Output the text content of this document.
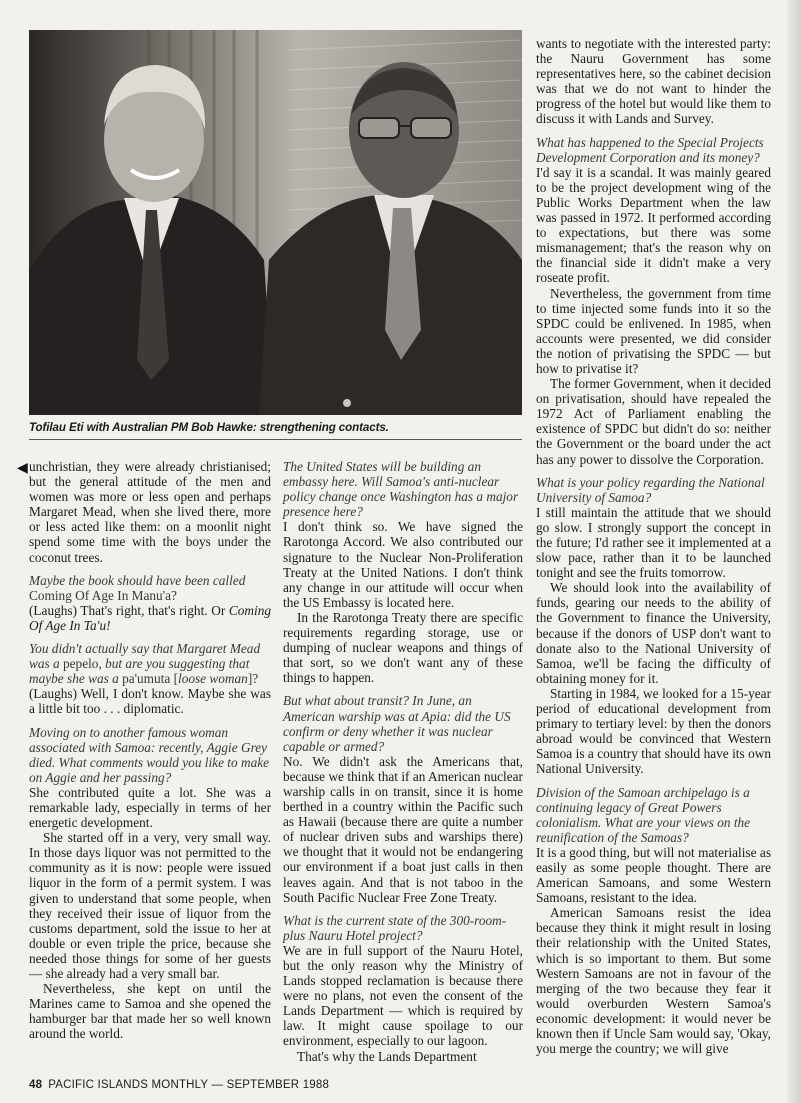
Tofilau Eti with Australian PM Bob Hawke: strengthening contacts.
◀ unchristian, they were already christianised; but the general attitude of the men and women was more or less open and perhaps Margaret Mead, when she lived there, more or less acted like them: on a moonlit night spend some time with the boys under the coconut trees.

Maybe the book should have been called
Coming Of Age In Manu'a?

(Laughs) That's right, that's right. Or Coming Of Age In Ta'u!

You didn't actually say that Margaret Mead was a pepelo, but are you suggesting that maybe she was a pa'umuta [loose woman]?

(Laughs) Well, I don't know. Maybe she was a little bit too . . . diplomatic.

Moving on to another famous woman associated with Samoa: recently, Aggie Grey died. What comments would you like to make on Aggie and her passing?

She contributed quite a lot. She was a remarkable lady, especially in terms of her energetic development.

She started off in a very, very small way. In those days liquor was not permitted to the community as it is now: people were issued liquor in the form of a permit system. I was given to understand that some people, when they received their issue of liquor from the customs department, sold the issue to her at double or even triple the price, because she needed those things for some of her guests — she already had a very small bar.

Nevertheless, she kept on until the Marines came to Samoa and she opened the hamburger bar that made her so well known around the world.

The United States will be building an embassy here. Will Samoa's anti-nuclear policy change once Washington has a major presence here?

I don't think so. We have signed the Rarotonga Accord. We also contributed our signature to the Nuclear Non-Proliferation Treaty at the United Nations. I don't think any change in our attitude will occur when the US Embassy is located here.

In the Rarotonga Treaty there are specific requirements regarding storage, use or dumping of nuclear weapons and things of that sort, so we don't want any of these things to happen.

But what about transit? In June, an American warship was at Apia: did the US confirm or deny whether it was nuclear capable or armed?

No. We didn't ask the Americans that, because we think that if an American nuclear warship calls in on transit, since it is home berthed in a country within the Pacific such as Hawaii (because there are quite a number of nuclear driven subs and warships there) we thought that it would not be endangering our environment if a boat just calls in then leaves again. And that is not taboo in the South Pacific Nuclear Free Zone Treaty.

What is the current state of the 300-room-plus Nauru Hotel project?

We are in full support of the Nauru Hotel, but the only reason why the Ministry of Lands stopped reclamation is because there were no plans, not even the consent of the Lands Department — which is required by law. It might cause spoilage to our environment, especially to our lagoon.

That's why the Lands Department

wants to negotiate with the interested party: the Nauru Government has some representatives here, so the cabinet decision was that we do not want to hinder the progress of the hotel but would like them to discuss it with Lands and Survey.

What has happened to the Special Projects Development Corporation and its money?

I'd say it is a scandal. It was mainly geared to be the project development wing of the Public Works Department when the law was passed in 1972. It performed according to expectations, but there was some mismanagement; that's the reason why on the financial side it didn't make a very roseate profit.

Nevertheless, the government from time to time injected some funds into it so the SPDC could be enlivened. In 1985, when accounts were presented, we did consider the notion of privatising the SPDC — but how to privatise it?

The former Government, when it decided on privatisation, should have repealed the 1972 Act of Parliament enabling the existence of SPDC but didn't do so: neither the Government or the board under the act has any power to dissolve the Corporation.

What is your policy regarding the National University of Samoa?

I still maintain the attitude that we should go slow. I strongly support the concept in the future; I'd rather see it implemented at a slow pace, rather than it to be launched tonight and see the fruits tomorrow.

We should look into the availability of funds, gearing our needs to the ability of the Government to finance the University, because if the donors of USP don't want to donate also to the National University of Samoa, we'll be facing the difficulty of obtaining money for it.

Starting in 1984, we looked for a 15-year period of educational development from primary to tertiary level: by then the donors abroad would be convinced that Western Samoa is a country that should have its own National University.

Division of the Samoan archipelago is a continuing legacy of Great Powers colonialism. What are your views on the reunification of the Samoas?

It is a good thing, but will not materialise as easily as some people thought. There are American Samoans, and some Western Samoans, resistant to the idea.

American Samoans resist the idea because they think it might result in losing their relationship with the United States, which is so important to them. But some Western Samoans are not in favour of the merging of the two because they fear it would overburden Western Samoa's economic development: it would never be known then if Uncle Sam would say, 'Okay, you merge the country; we will give

48 PACIFIC ISLANDS MONTHLY — SEPTEMBER 1988
